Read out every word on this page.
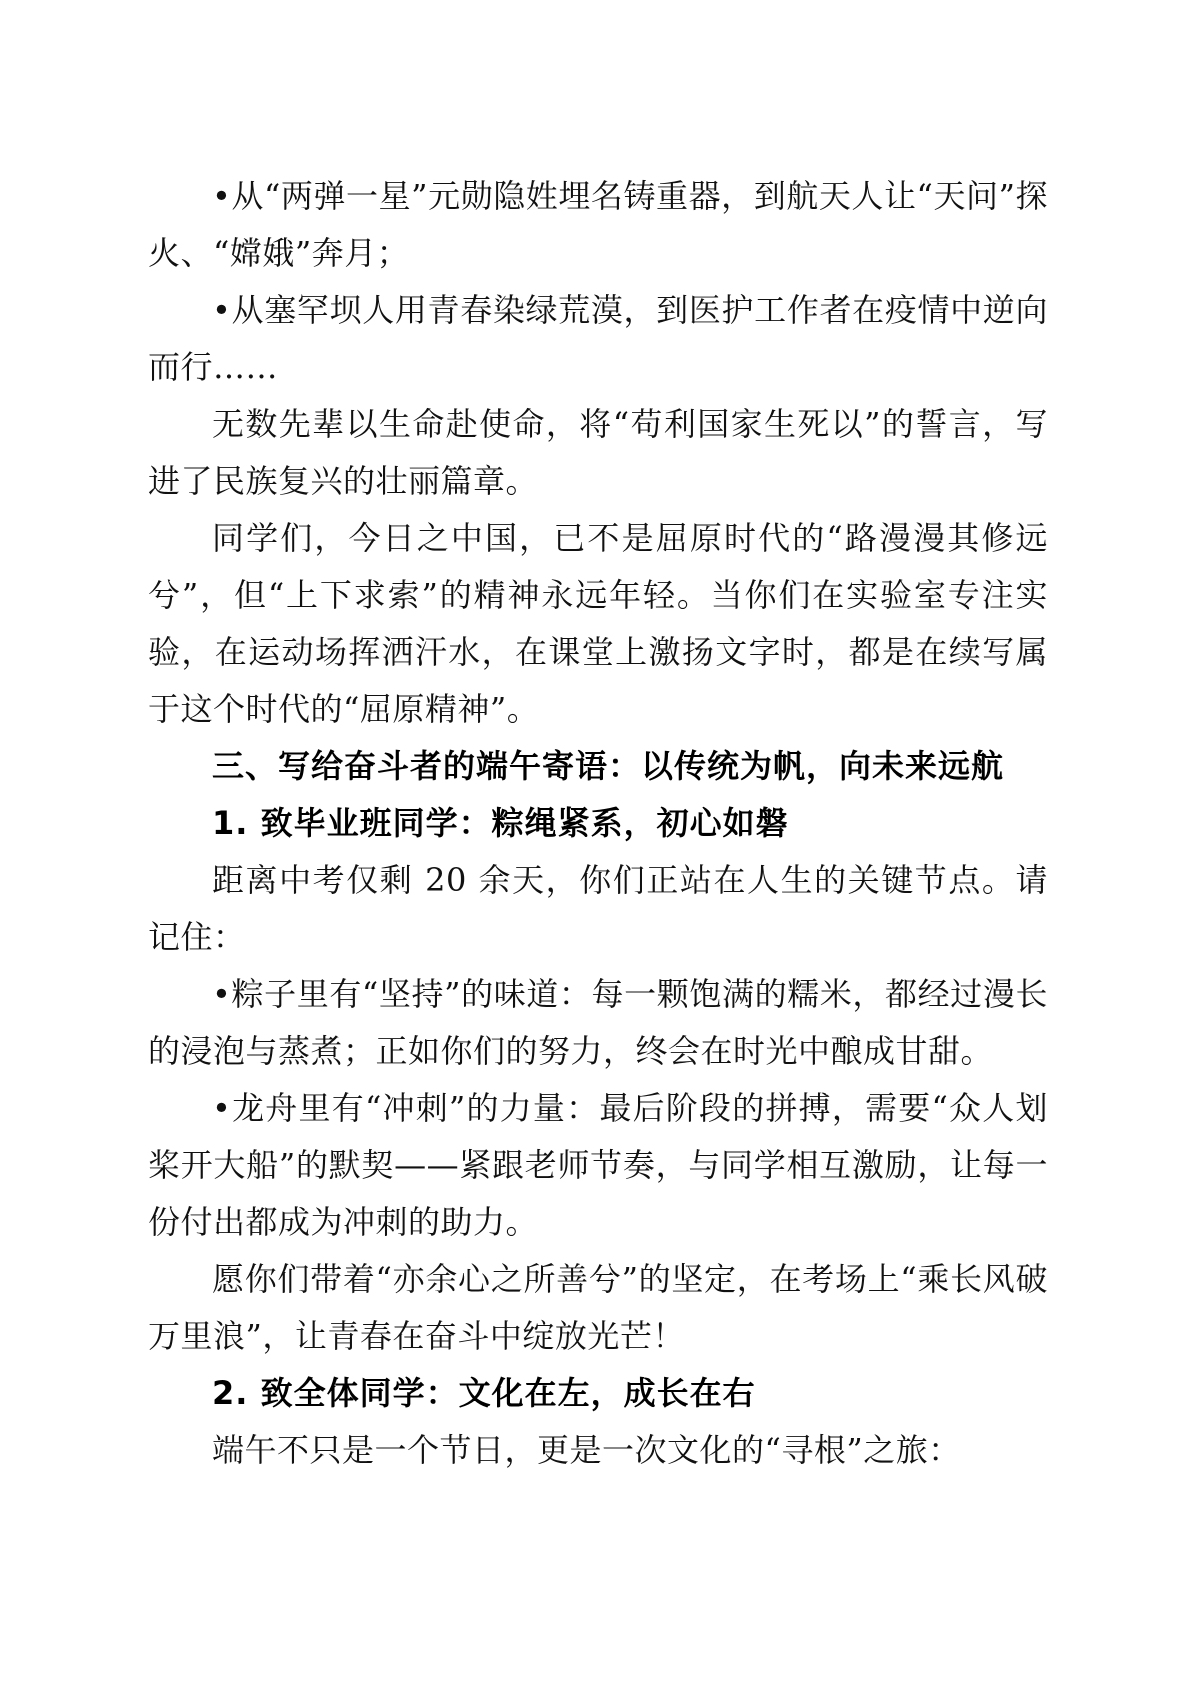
•从“两弹一星”元勋隐姓埋名铸重器，到航天人让“天问”探火、“嫦娥”奔月；

•从塞罕坝人用青春染绿荒漠，到医护工作者在疫情中逆向而行……

无数先辈以生命赴使命，将“苟利国家生死以”的誓言，写进了民族复兴的壮丽篇章。

同学们，今日之中国，已不是屈原时代的“路漫漫其修远兮”，但“上下求索”的精神永远年轻。当你们在实验室专注实验，在运动场挥洒汗水，在课堂上激扬文字时，都是在续写属于这个时代的“屈原精神”。

三、写给奋斗者的端午寄语：以传统为帆，向未来远航

1. 致毕业班同学：粽绳紧系，初心如磐

距离中考仅剩 20 余天，你们正站在人生的关键节点。请记住：

•粽子里有“坚持”的味道：每一颗饱满的糯米，都经过漫长的浸泡与蒸煮；正如你们的努力，终会在时光中酿成甘甜。

•龙舟里有“冲刺”的力量：最后阶段的拼搏，需要“众人划桨开大船”的默契——紧跟老师节奏，与同学相互激励，让每一份付出都成为冲刺的助力。

愿你们带着“亦余心之所善兮”的坚定，在考场上“乘长风破万里浪”，让青春在奋斗中绽放光芒！

2. 致全体同学：文化在左，成长在右

端午不只是一个节日，更是一次文化的“寻根”之旅：
